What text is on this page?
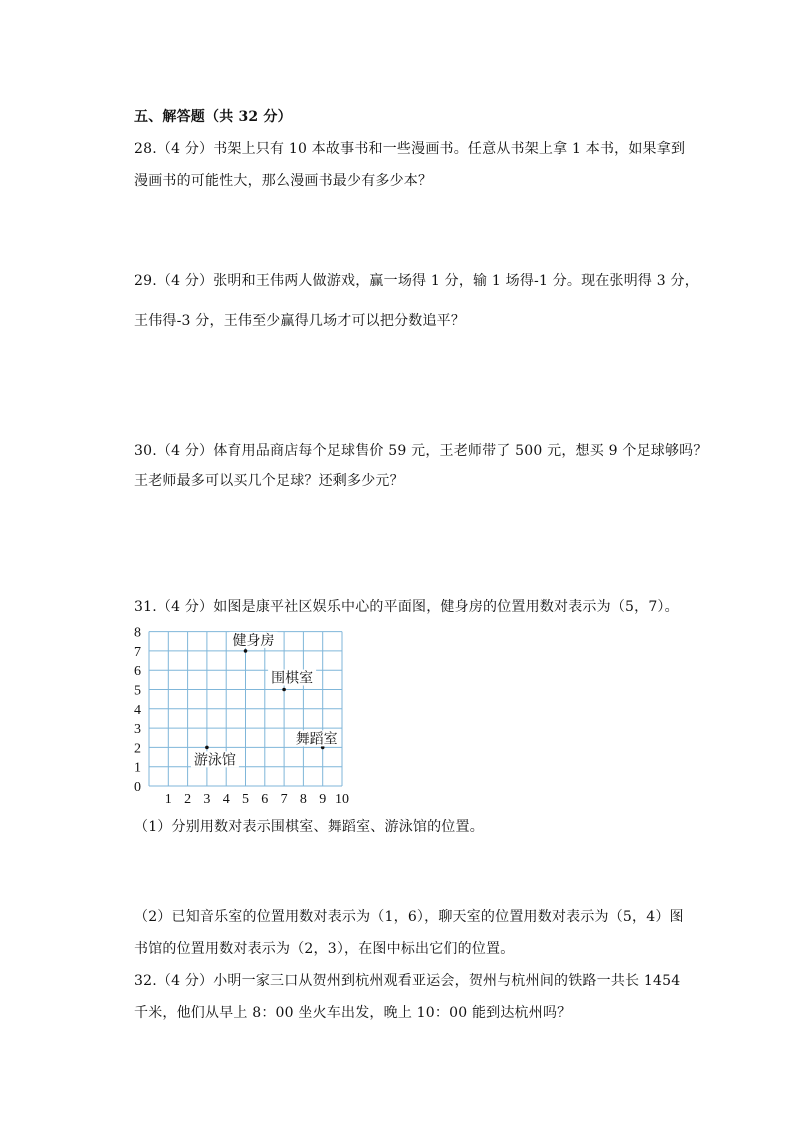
五、解答题（共 32 分）
28.（4 分）书架上只有 10 本故事书和一些漫画书。任意从书架上拿 1 本书，如果拿到
漫画书的可能性大，那么漫画书最少有多少本？
29.（4 分）张明和王伟两人做游戏，赢一场得 1 分，输 1 场得-1 分。现在张明得 3 分，
王伟得-3 分，王伟至少赢得几场才可以把分数追平？
30.（4 分）体育用品商店每个足球售价 59 元，王老师带了 500 元，想买 9 个足球够吗？
王老师最多可以买几个足球？还剩多少元？
31.（4 分）如图是康平社区娱乐中心的平面图，健身房的位置用数对表示为（5，7）。
0
1
2
3
4
5
6
7
8
1 2 3 4 5 6 7 8 9 10
健身房
围棋室
舞蹈室
游泳馆
（1）分别用数对表示围棋室、舞蹈室、游泳馆的位置。
（2）已知音乐室的位置用数对表示为（1，6），聊天室的位置用数对表示为（5，4）图
书馆的位置用数对表示为（2，3），在图中标出它们的位置。
32.（4 分）小明一家三口从贺州到杭州观看亚运会，贺州与杭州间的铁路一共长 1454
千米，他们从早上 8：00 坐火车出发，晚上 10：00 能到达杭州吗？
